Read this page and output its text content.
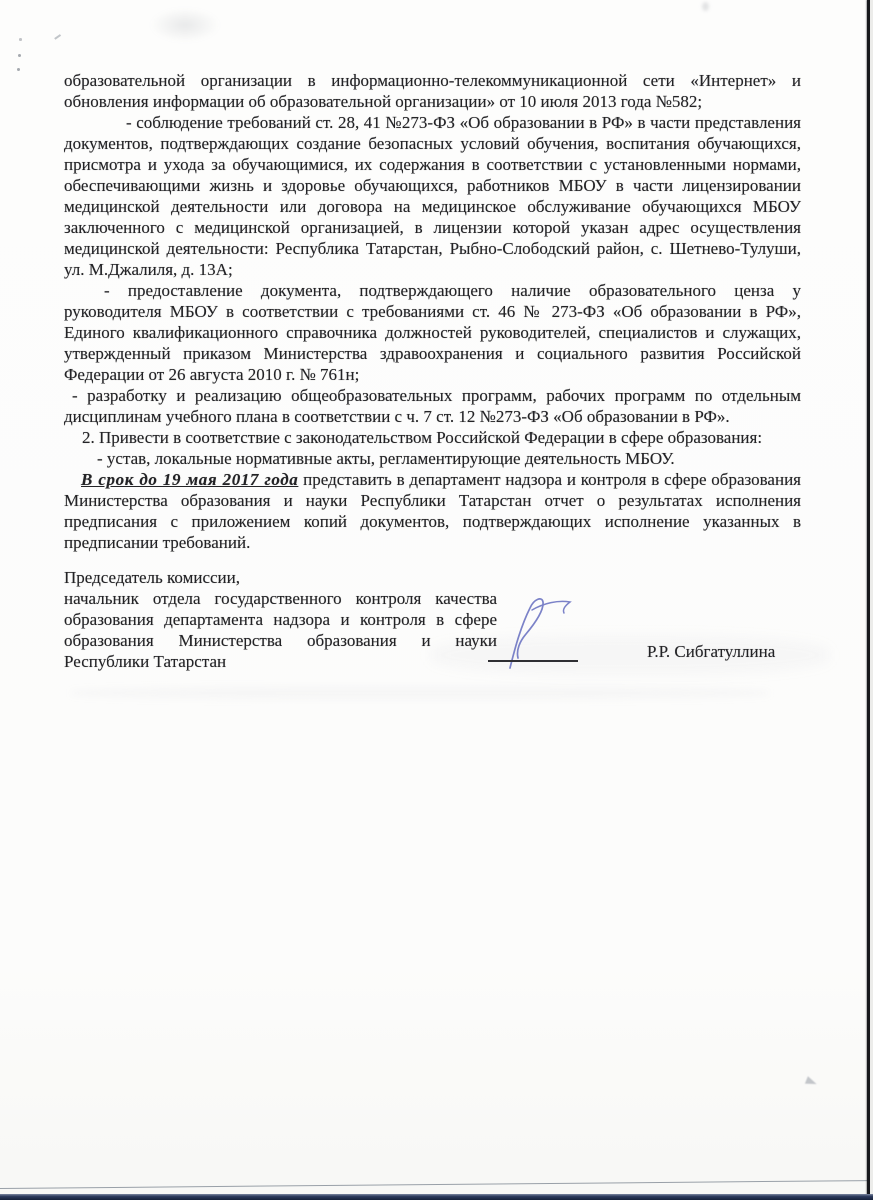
образовательной организации в информационно-телекоммуникационной сети «Интернет» и обновления информации об образовательной организации» от 10 июля 2013 года №582;

- соблюдение требований ст. 28, 41 №273-ФЗ «Об образовании в РФ» в части представления документов, подтверждающих создание безопасных условий обучения, воспитания обучающихся, присмотра и ухода за обучающимися, их содержания в соответствии с установленными нормами, обеспечивающими жизнь и здоровье обучающихся, работников МБОУ в части лицензировании медицинской деятельности или договора на медицинское обслуживание обучающихся МБОУ заключенного с медицинской организацией, в лицензии которой указан адрес осуществления медицинской деятельности: Республика Татарстан, Рыбно-Слободский район, с. Шетнево-Тулуши, ул. М.Джалиля, д. 13А;

- предоставление документа, подтверждающего наличие образовательного ценза у руководителя МБОУ в соответствии с требованиями ст. 46 № 273-ФЗ «Об образовании в РФ», Единого квалификационного справочника должностей руководителей, специалистов и служащих, утвержденный приказом Министерства здравоохранения и социального развития Российской Федерации от 26 августа 2010 г. № 761н;

- разработку и реализацию общеобразовательных программ, рабочих программ по отдельным дисциплинам учебного плана в соответствии с ч. 7 ст. 12 №273-ФЗ «Об образовании в РФ».

2. Привести в соответствие с законодательством Российской Федерации в сфере образования:

- устав, локальные нормативные акты, регламентирующие деятельность МБОУ.

В срок до 19 мая 2017 года представить в департамент надзора и контроля в сфере образования Министерства образования и науки Республики Татарстан отчет о результатах исполнения предписания с приложением копий документов, подтверждающих исполнение указанных в предписании требований.

Председатель комиссии,

начальник отдела государственного контроля качества образования департамента надзора и контроля в сфере образования Министерства образования и науки Республики Татарстан

Р.Р. Сибгатуллина
